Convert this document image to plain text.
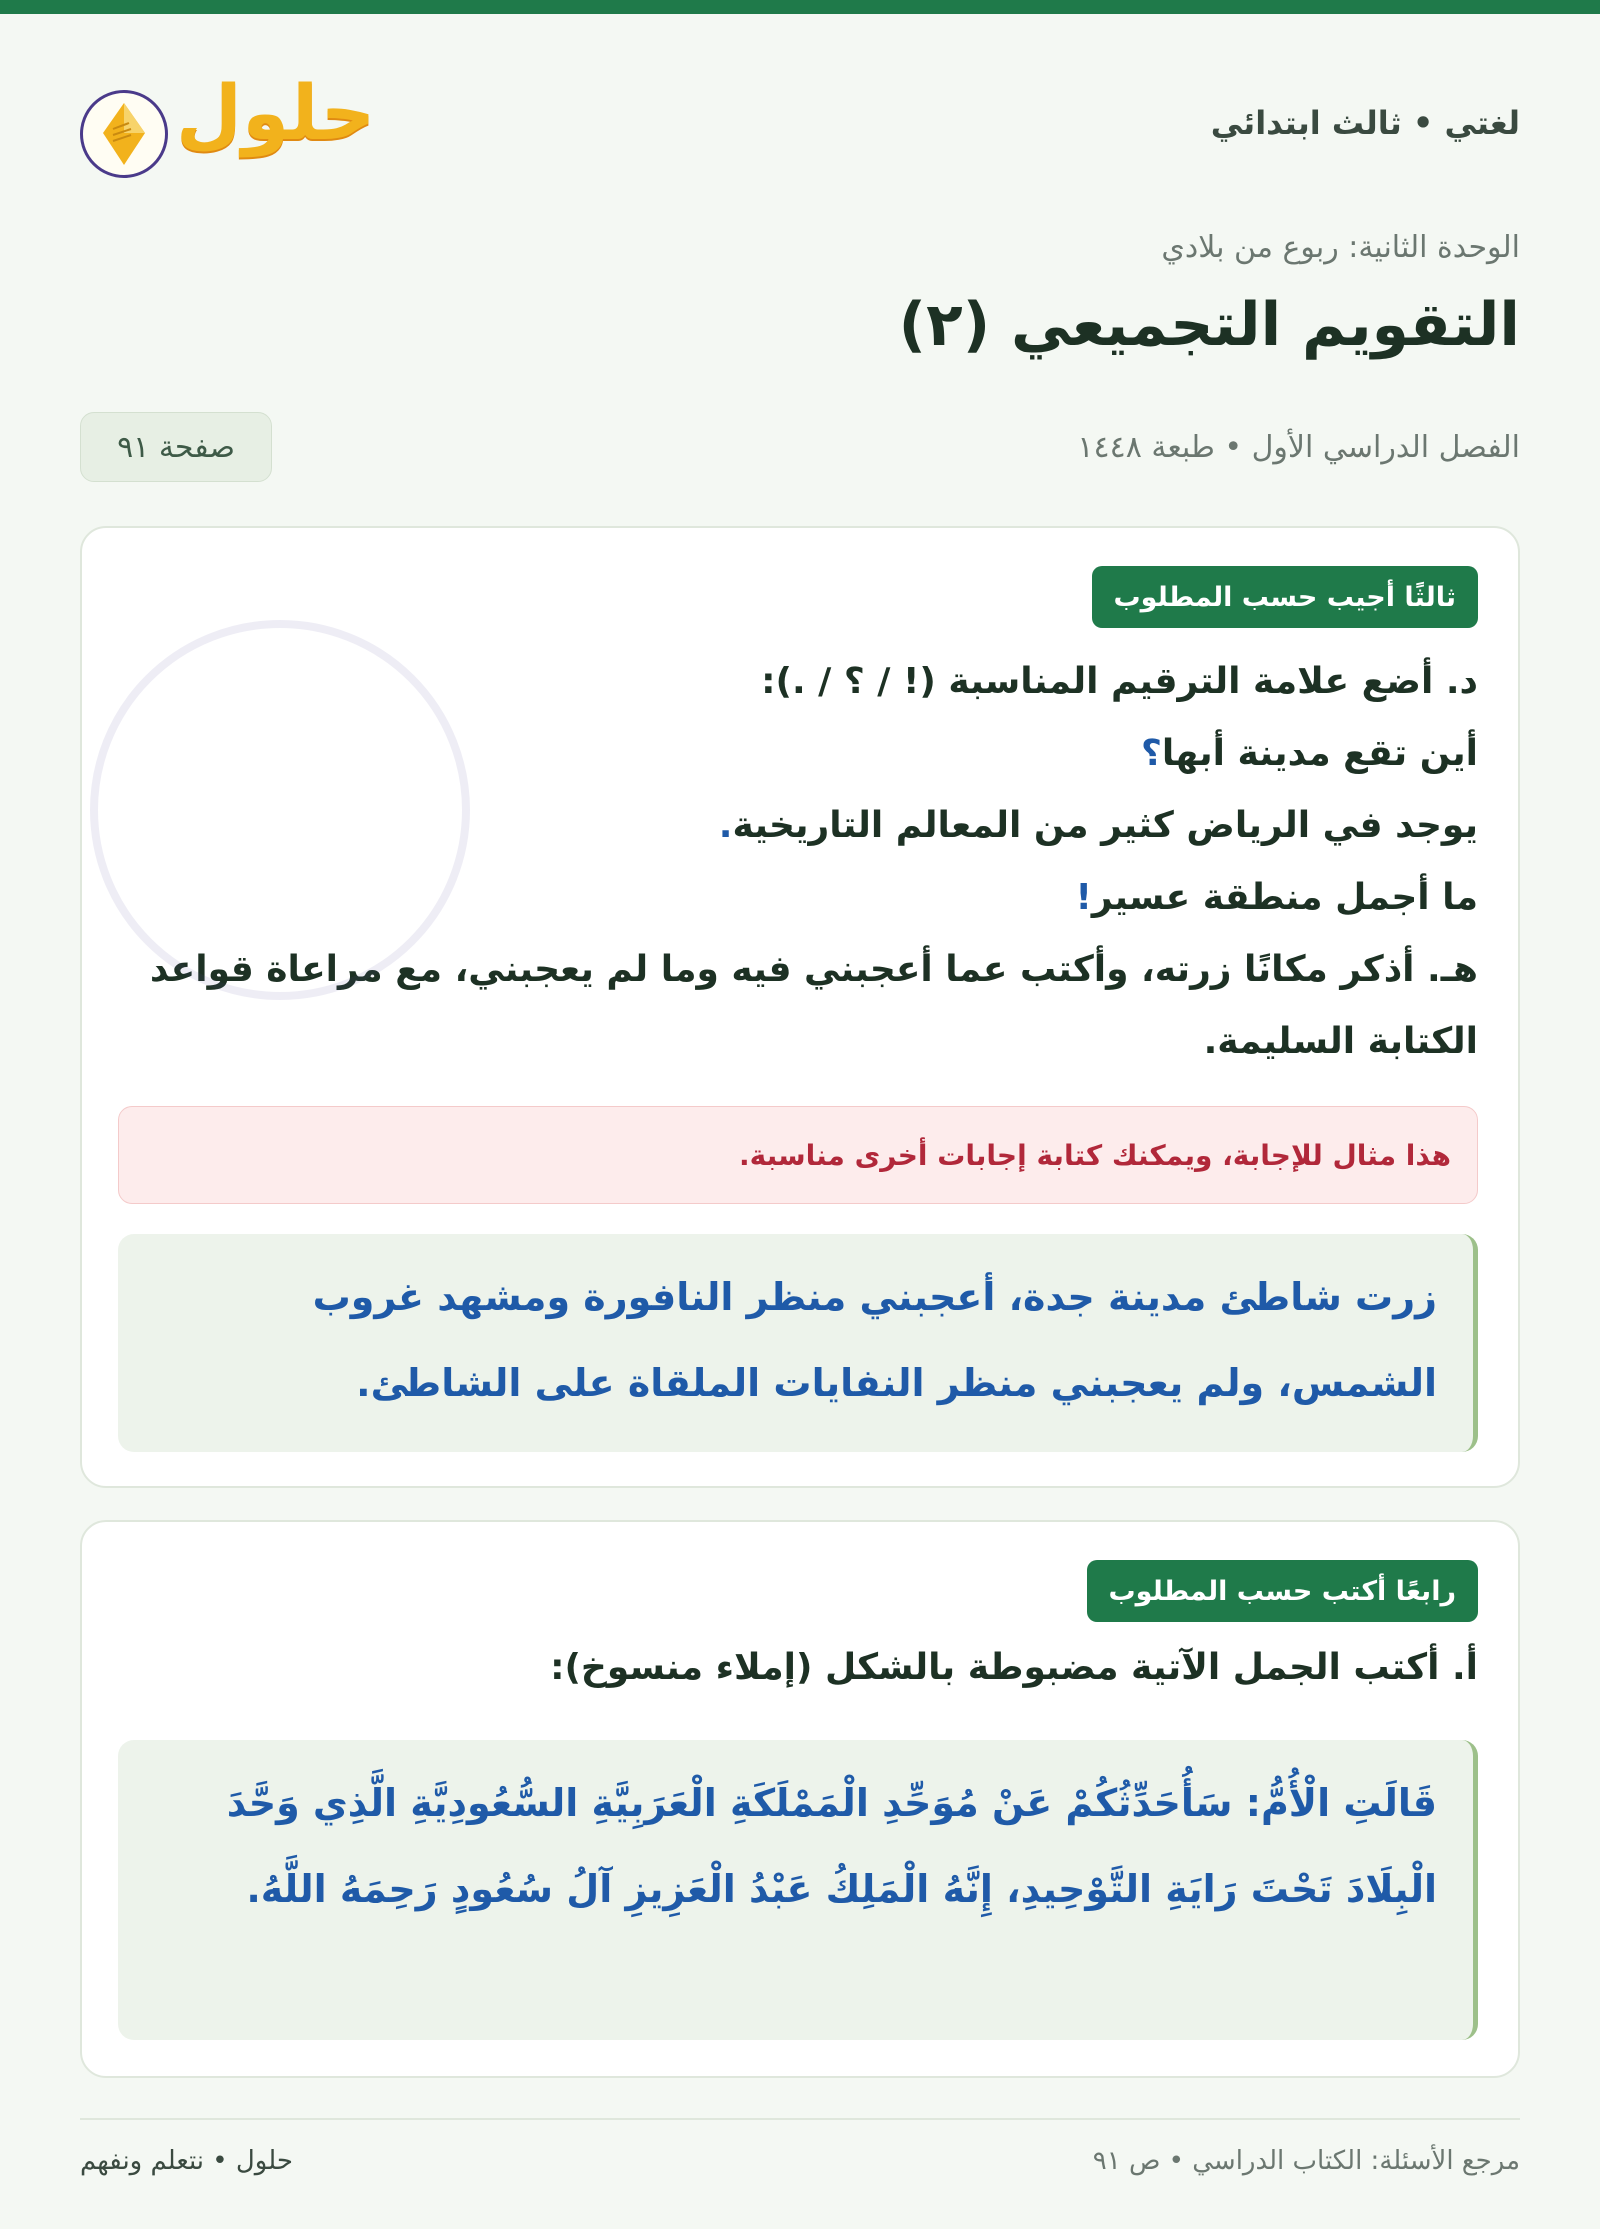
لغتي • ثالث ابتدائي
حلول
الوحدة الثانية: ربوع من بلادي
التقويم التجميعي (٢)
الفصل الدراسي الأول • طبعة ١٤٤٨
صفحة ٩١
ثالثًا أجيب حسب المطلوب
د. أضع علامة الترقيم المناسبة (! / ؟ / .):
أين تقع مدينة أبها؟
يوجد في الرياض كثير من المعالم التاريخية.
ما أجمل منطقة عسير!
هـ. أذكر مكانًا زرته، وأكتب عما أعجبني فيه وما لم يعجبني، مع مراعاة قواعد الكتابة السليمة.
هذا مثال للإجابة، ويمكنك كتابة إجابات أخرى مناسبة.
زرت شاطئ مدينة جدة، أعجبني منظر النافورة ومشهد غروب الشمس، ولم يعجبني منظر النفايات الملقاة على الشاطئ.
رابعًا أكتب حسب المطلوب
أ. أكتب الجمل الآتية مضبوطة بالشكل (إملاء منسوخ):
قَالَتِ الْأُمُّ: سَأُحَدِّثُكُمْ عَنْ مُوَحِّدِ الْمَمْلَكَةِ الْعَرَبِيَّةِ السُّعُودِيَّةِ الَّذِي وَحَّدَ الْبِلَادَ تَحْتَ رَايَةِ التَّوْحِيدِ، إِنَّهُ الْمَلِكُ عَبْدُ الْعَزِيزِ آلُ سُعُودٍ رَحِمَهُ اللَّهُ.
مرجع الأسئلة: الكتاب الدراسي • ص ٩١
حلول • نتعلم ونفهم
